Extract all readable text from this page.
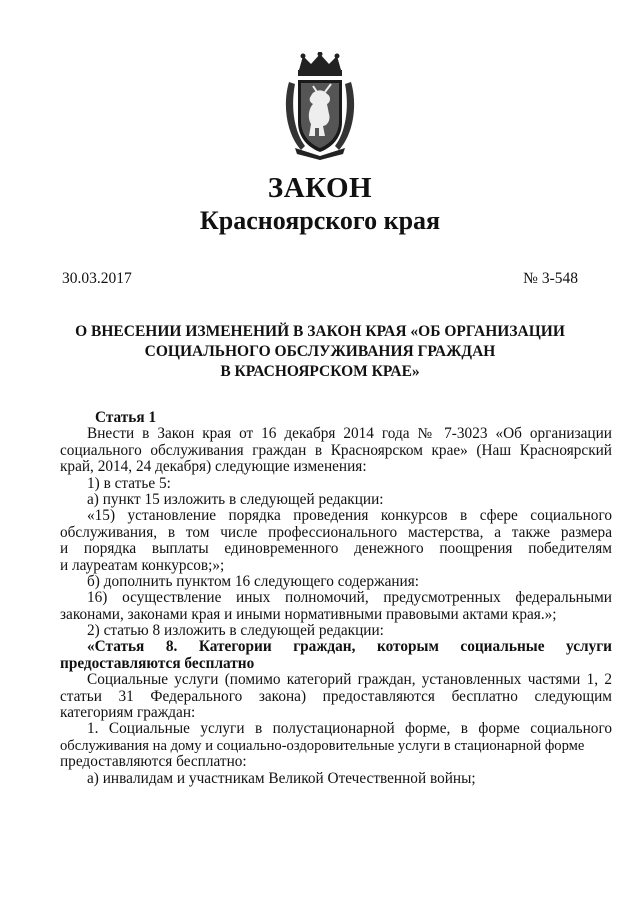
ЗАКОН
Красноярского края
30.03.2017	№ 3-548
О ВНЕСЕНИИ ИЗМЕНЕНИЙ В ЗАКОН КРАЯ «ОБ ОРГАНИЗАЦИИ
СОЦИАЛЬНОГО ОБСЛУЖИВАНИЯ ГРАЖДАН
В КРАСНОЯРСКОМ КРАЕ»
Статья 1
Внести в Закон края от 16 декабря 2014 года № 7-3023 «Об организации
социального обслуживания граждан в Красноярском крае» (Наш Красноярский
край, 2014, 24 декабря) следующие изменения:
1) в статье 5:
а) пункт 15 изложить в следующей редакции:
«15) установление порядка проведения конкурсов в сфере социального
обслуживания, в том числе профессионального мастерства, а также размера
и порядка выплаты единовременного денежного поощрения победителям
и лауреатам конкурсов;»;
б) дополнить пунктом 16 следующего содержания:
16) осуществление иных полномочий, предусмотренных федеральными
законами, законами края и иными нормативными правовыми актами края.»;
2) статью 8 изложить в следующей редакции:
«Статья 8. Категории граждан, которым социальные услуги
предоставляются бесплатно
Социальные услуги (помимо категорий граждан, установленных частями 1, 2
статьи 31 Федерального закона) предоставляются бесплатно следующим
категориям граждан:
1. Социальные услуги в полустационарной форме, в форме социального
обслуживания на дому и социально-оздоровительные услуги в стационарной форме
предоставляются бесплатно:
а) инвалидам и участникам Великой Отечественной войны;
